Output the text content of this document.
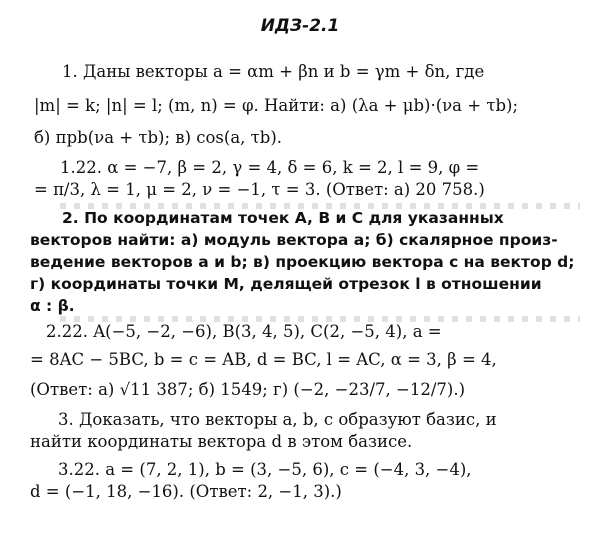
ИДЗ-2.1
1. Даны векторы a = αm + βn и b = γm + δn, где
|m| = k; |n| = l; (m, n) = φ. Найти: а) (λa + μb)·(νa + τb);
б) прb(νa + τb); в) cos(a, τb).
1.22. α = −7, β = 2, γ = 4, δ = 6, k = 2, l = 9, φ =
= π/3, λ = 1, μ = 2, ν = −1, τ = 3. (Ответ: а) 20 758.)
2. По координатам точек A, B и C для указанных
векторов найти: а) модуль вектора a; б) скалярное произ-
ведение векторов a и b; в) проекцию вектора c на вектор d;
г) координаты точки M, делящей отрезок l в отношении
α : β.
2.22. A(−5, −2, −6), B(3, 4, 5), C(2, −5, 4), a =
= 8AC − 5BC, b = c = AB, d = BC, l = AC, α = 3, β = 4,
(Ответ: а) √11 387; б) 1549; г) (−2, −23/7, −12/7).)
3. Доказать, что векторы a, b, c образуют базис, и
найти координаты вектора d в этом базисе.
3.22. a = (7, 2, 1), b = (3, −5, 6), c = (−4, 3, −4),
d = (−1, 18, −16). (Ответ: 2, −1, 3).)
